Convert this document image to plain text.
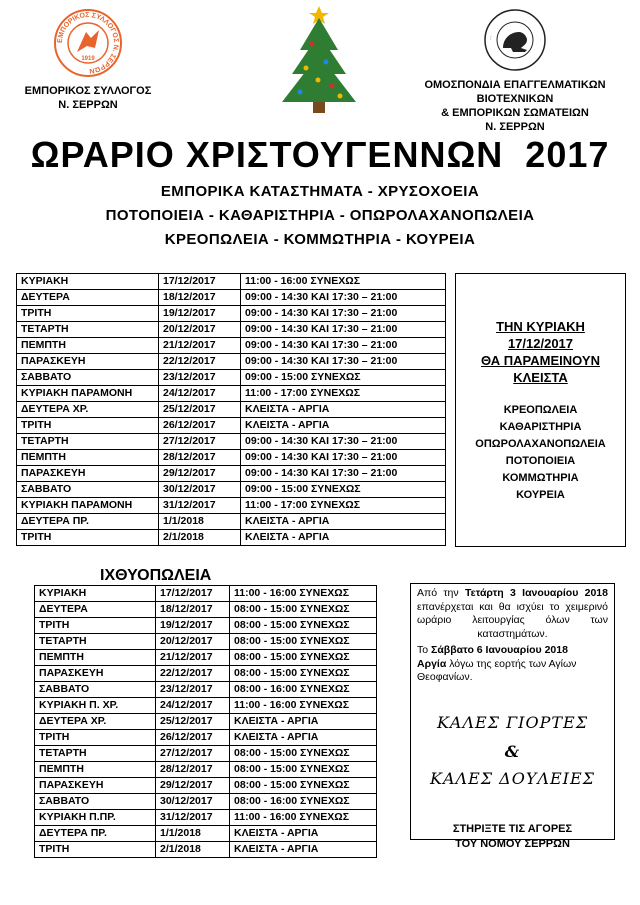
ΕΜΠΟΡΙΚΟΣ ΣΥΛΛΟΓΟΣ Ν. ΣΕΡΡΩΝ
1919
ΕΜΠΟΡΙΚΟΣ ΣΥΛΛΟΓΟΣ
Ν. ΣΕΡΡΩΝ
…
ΟΜΟΣΠΟΝΔΙΑ ΕΠΑΓΓΕΛΜΑΤΙΚΩΝ
ΒΙΟΤΕΧΝΙΚΩΝ
& ΕΜΠΟΡΙΚΩΝ ΣΩΜΑΤΕΙΩΝ
Ν. ΣΕΡΡΩΝ
ΩΡΑΡΙΟ ΧΡΙΣΤΟΥΓΕΝΝΩΝ  2017
ΕΜΠΟΡΙΚΑ ΚΑΤΑΣΤΗΜΑΤΑ - ΧΡΥΣΟΧΟΕΙΑ
ΠΟΤΟΠΟΙΕΙΑ - ΚΑΘΑΡΙΣΤΗΡΙΑ - ΟΠΩΡΟΛΑΧΑΝΟΠΩΛΕΙΑ
ΚΡΕΟΠΩΛΕΙΑ - ΚΟΜΜΩΤΗΡΙΑ - ΚΟΥΡΕΙΑ
ΚΥΡΙΑΚΗ	17/12/2017	11:00 - 16:00 ΣΥΝΕΧΩΣ
ΔΕΥΤΕΡΑ	18/12/2017	09:00 - 14:30 ΚΑΙ 17:30 – 21:00
ΤΡΙΤΗ	19/12/2017	09:00 - 14:30 ΚΑΙ 17:30 – 21:00
ΤΕΤΑΡΤΗ	20/12/2017	09:00 - 14:30 ΚΑΙ 17:30 – 21:00
ΠΕΜΠΤΗ	21/12/2017	09:00 - 14:30 ΚΑΙ 17:30 – 21:00
ΠΑΡΑΣΚΕΥΗ	22/12/2017	09:00 - 14:30 ΚΑΙ 17:30 – 21:00
ΣΑΒΒΑΤΟ	23/12/2017	09:00 - 15:00 ΣΥΝΕΧΩΣ
ΚΥΡΙΑΚΗ ΠΑΡΑΜΟΝΗ	24/12/2017	11:00 - 17:00 ΣΥΝΕΧΩΣ
ΔΕΥΤΕΡΑ ΧΡ.	25/12/2017	ΚΛΕΙΣΤΑ - ΑΡΓΙΑ
ΤΡΙΤΗ	26/12/2017	ΚΛΕΙΣΤΑ - ΑΡΓΙΑ
ΤΕΤΑΡΤΗ	27/12/2017	09:00 - 14:30 ΚΑΙ 17:30 – 21:00
ΠΕΜΠΤΗ	28/12/2017	09:00 - 14:30 ΚΑΙ 17:30 – 21:00
ΠΑΡΑΣΚΕΥΗ	29/12/2017	09:00 - 14:30 ΚΑΙ 17:30 – 21:00
ΣΑΒΒΑΤΟ	30/12/2017	09:00 - 15:00 ΣΥΝΕΧΩΣ
ΚΥΡΙΑΚΗ ΠΑΡΑΜΟΝΗ	31/12/2017	11:00 - 17:00 ΣΥΝΕΧΩΣ
ΔΕΥΤΕΡΑ ΠΡ.	1/1/2018	ΚΛΕΙΣΤΑ - ΑΡΓΙΑ
ΤΡΙΤΗ	2/1/2018	ΚΛΕΙΣΤΑ - ΑΡΓΙΑ
ΤΗΝ ΚΥΡΙΑΚΗ
17/12/2017
ΘΑ ΠΑΡΑΜΕΙΝΟΥΝ
ΚΛΕΙΣΤΑ
ΚΡΕΟΠΩΛΕΙΑ
ΚΑΘΑΡΙΣΤΗΡΙΑ
ΟΠΩΡΟΛΑΧΑΝΟΠΩΛΕΙΑ
ΠΟΤΟΠΟΙΕΙΑ
ΚΟΜΜΩΤΗΡΙΑ
ΚΟΥΡΕΙΑ
ΙΧΘΥΟΠΩΛΕΙΑ
ΚΥΡΙΑΚΗ	17/12/2017	11:00 - 16:00 ΣΥΝΕΧΩΣ
ΔΕΥΤΕΡΑ	18/12/2017	08:00 - 15:00 ΣΥΝΕΧΩΣ
ΤΡΙΤΗ	19/12/2017	08:00 - 15:00 ΣΥΝΕΧΩΣ
ΤΕΤΑΡΤΗ	20/12/2017	08:00 - 15:00 ΣΥΝΕΧΩΣ
ΠΕΜΠΤΗ	21/12/2017	08:00 - 15:00 ΣΥΝΕΧΩΣ
ΠΑΡΑΣΚΕΥΗ	22/12/2017	08:00 - 15:00 ΣΥΝΕΧΩΣ
ΣΑΒΒΑΤΟ	23/12/2017	08:00 - 16:00 ΣΥΝΕΧΩΣ
ΚΥΡΙΑΚΗ Π. ΧΡ.	24/12/2017	11:00 - 16:00 ΣΥΝΕΧΩΣ
ΔΕΥΤΕΡΑ ΧΡ.	25/12/2017	ΚΛΕΙΣΤΑ - ΑΡΓΙΑ
ΤΡΙΤΗ	26/12/2017	ΚΛΕΙΣΤΑ - ΑΡΓΙΑ
ΤΕΤΑΡΤΗ	27/12/2017	08:00 - 15:00 ΣΥΝΕΧΩΣ
ΠΕΜΠΤΗ	28/12/2017	08:00 - 15:00 ΣΥΝΕΧΩΣ
ΠΑΡΑΣΚΕΥΗ	29/12/2017	08:00 - 15:00 ΣΥΝΕΧΩΣ
ΣΑΒΒΑΤΟ	30/12/2017	08:00 - 16:00 ΣΥΝΕΧΩΣ
ΚΥΡΙΑΚΗ Π.ΠΡ.	31/12/2017	11:00 - 16:00 ΣΥΝΕΧΩΣ
ΔΕΥΤΕΡΑ ΠΡ.	1/1/2018	ΚΛΕΙΣΤΑ - ΑΡΓΙΑ
ΤΡΙΤΗ	2/1/2018	ΚΛΕΙΣΤΑ - ΑΡΓΙΑ
Από την Τετάρτη 3 Ιανουαρίου 2018 επανέρχεται και θα ισχύει το χειμερινό ωράριο λειτουργίας όλων των καταστημάτων.
Το Σάββατο 6 Ιανουαρίου 2018
Αργία λόγω της εορτής των Αγίων Θεοφανίων.
ΚΑΛΕΣ ΓΙΟΡΤΕΣ
&
ΚΑΛΕΣ ΔΟΥΛΕΙΕΣ
ΣΤΗΡΙΞΤΕ ΤΙΣ ΑΓΟΡΕΣ
ΤΟΥ ΝΟΜΟΥ ΣΕΡΡΩΝ
